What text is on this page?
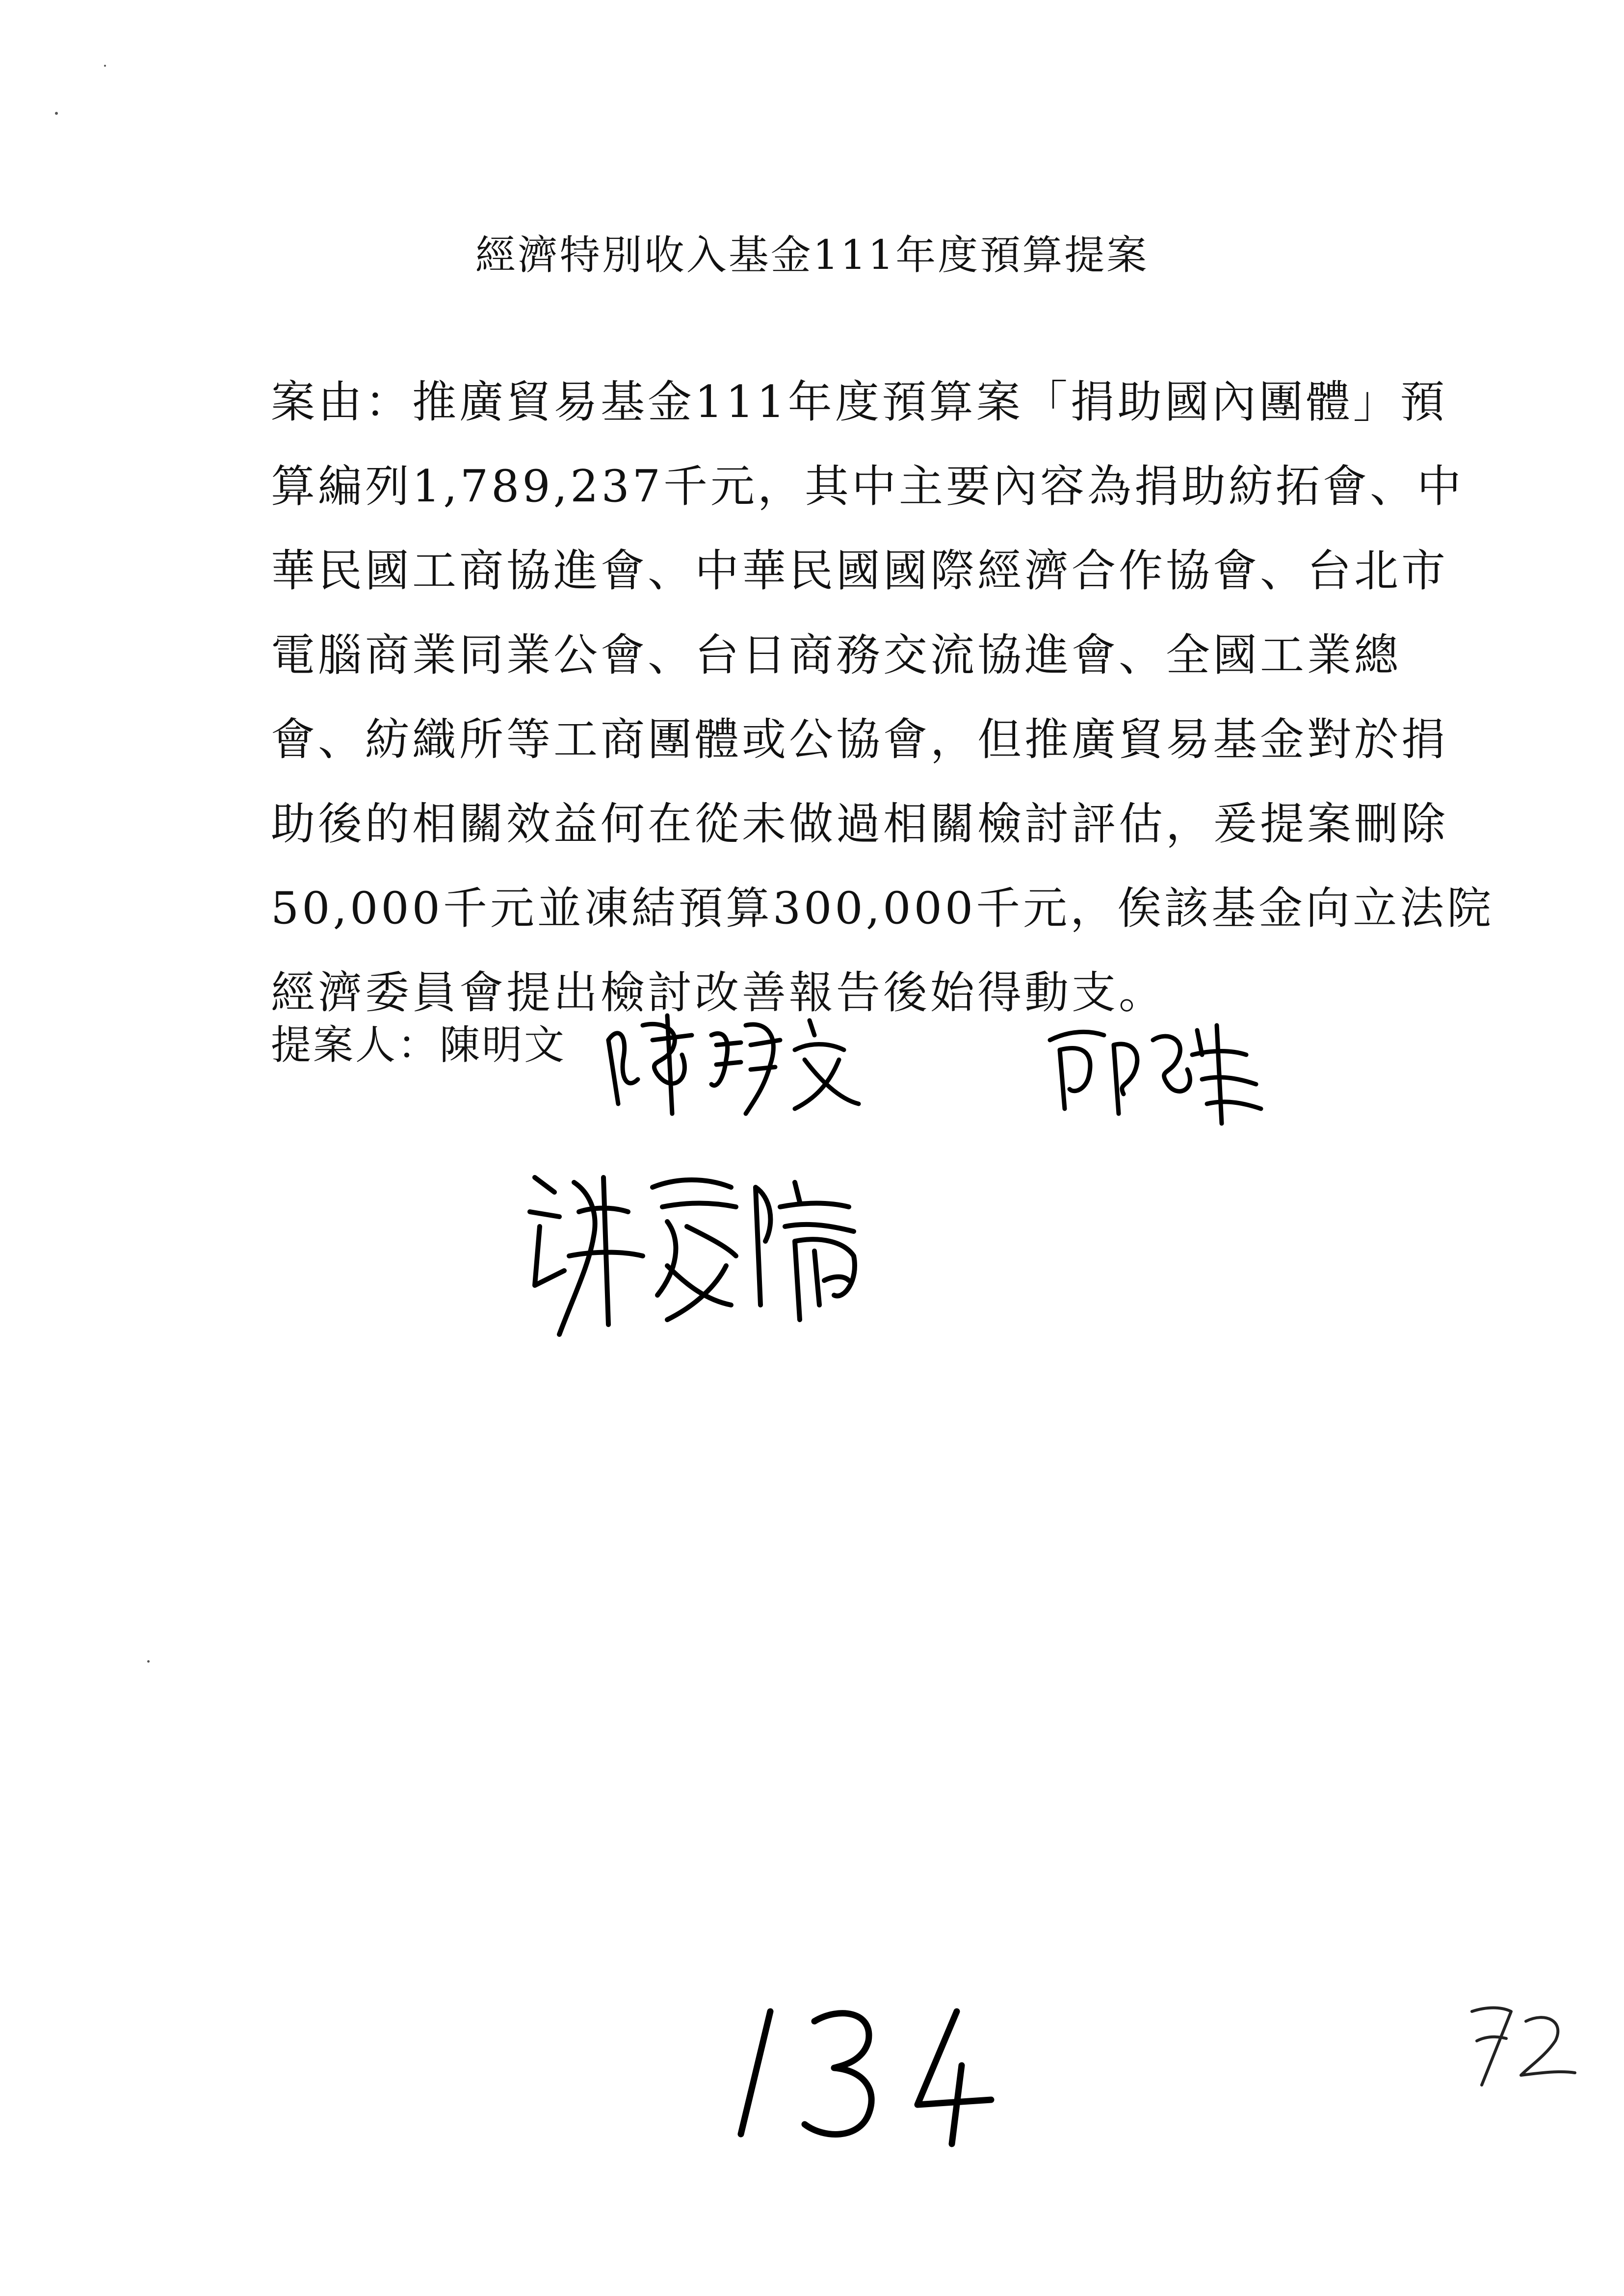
經濟特別收入基金111年度預算提案
案由：推廣貿易基金111年度預算案「捐助國內團體」預
算編列1,789,237千元，其中主要內容為捐助紡拓會、中
華民國工商協進會、中華民國國際經濟合作協會、台北市
電腦商業同業公會、台日商務交流協進會、全國工業總
會、紡織所等工商團體或公協會，但推廣貿易基金對於捐
助後的相關效益何在從未做過相關檢討評估，爰提案刪除
50,000千元並凍結預算300,000千元，俟該基金向立法院
經濟委員會提出檢討改善報告後始得動支。
提案人：陳明文
